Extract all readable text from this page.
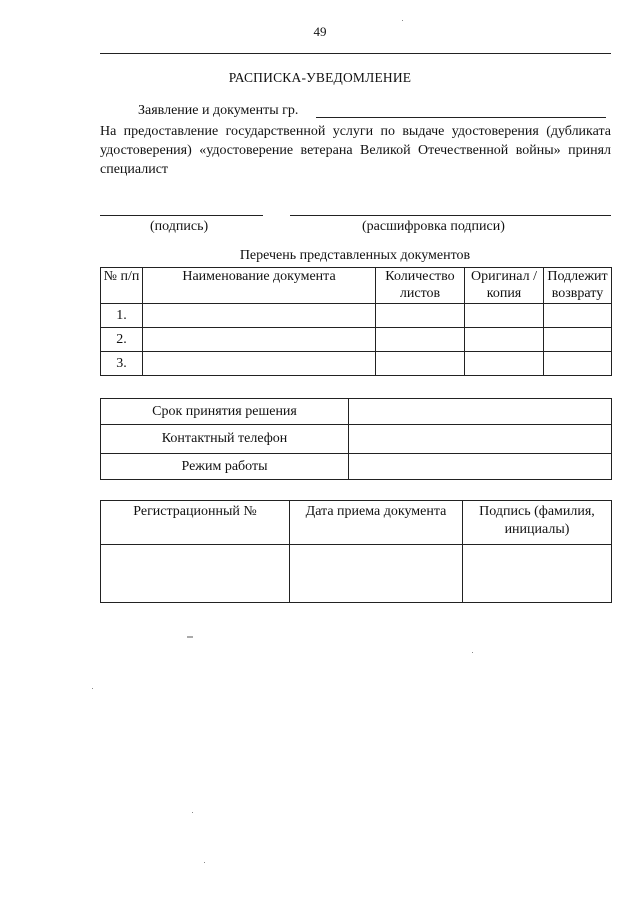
49
РАСПИСКА-УВЕДОМЛЕНИЕ
Заявление и документы гр.
На предоставление государственной услуги по выдаче удостоверения (дубликата удостоверения) «удостоверение ветерана Великой Отечественной войны» принял специалист
(подпись)	(расшифровка подписи)
Перечень представленных документов
№ п/п	Наименование документа	Количество листов	Оригинал /копия	Подлежит возврату
1.				
2.				
3.				
Срок принятия решения	
Контактный телефон	
Режим работы	
Регистрационный №	Дата приема документа	Подпись (фамилия, инициалы)
